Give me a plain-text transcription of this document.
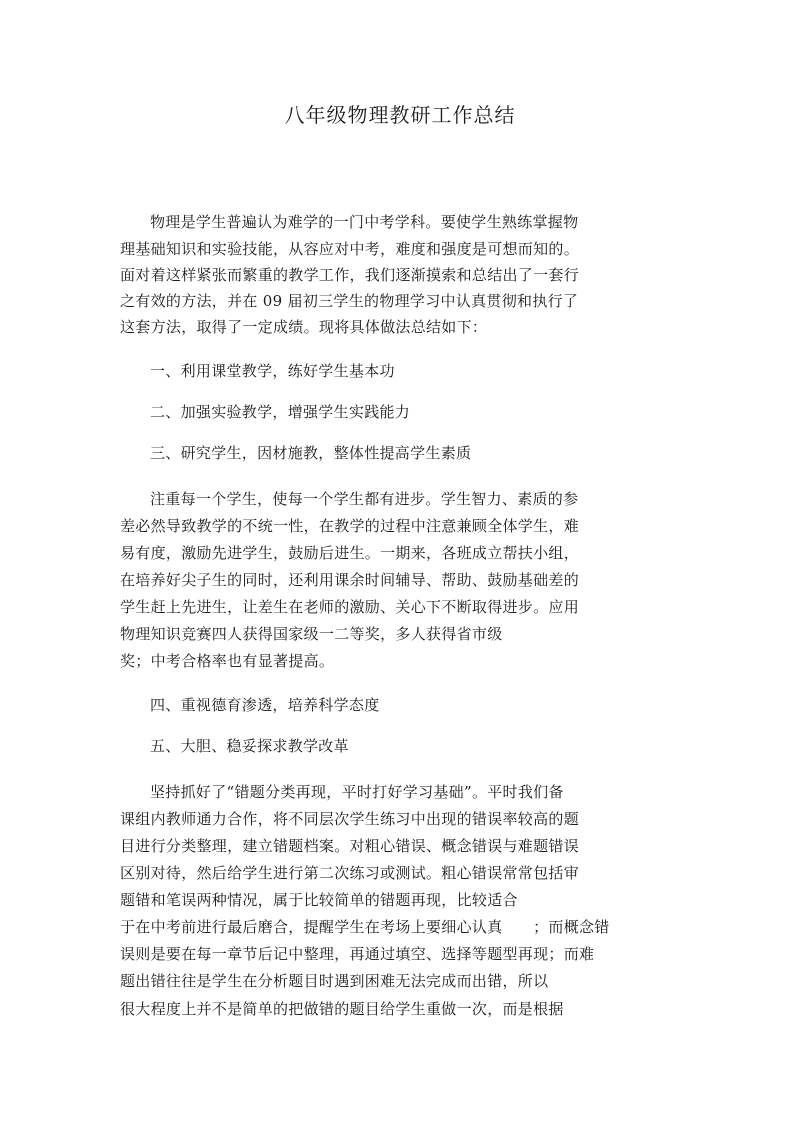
八年级物理教研工作总结
物理是学生普遍认为难学的一门中考学科。要使学生熟练掌握物
理基础知识和实验技能，从容应对中考，难度和强度是可想而知的。
面对着这样紧张而繁重的教学工作，我们逐渐摸索和总结出了一套行
之有效的方法，并在 09 届初三学生的物理学习中认真贯彻和执行了
这套方法，取得了一定成绩。现将具体做法总结如下：
一、利用课堂教学，练好学生基本功
二、加强实验教学，增强学生实践能力
三、研究学生，因材施教，整体性提高学生素质
注重每一个学生，使每一个学生都有进步。学生智力、素质的参
差必然导致教学的不统一性，在教学的过程中注意兼顾全体学生，难
易有度，激励先进学生，鼓励后进生。一期来，各班成立帮扶小组，
在培养好尖子生的同时，还利用课余时间辅导、帮助、鼓励基础差的
学生赶上先进生，让差生在老师的激励、关心下不断取得进步。应用
物理知识竞赛四人获得国家级一二等奖，多人获得省市级
奖；中考合格率也有显著提高。
四、重视德育渗透，培养科学态度
五、大胆、稳妥探求教学改革
坚持抓好了“错题分类再现，平时打好学习基础”。平时我们备
课组内教师通力合作，将不同层次学生练习中出现的错误率较高的题
目进行分类整理，建立错题档案。对粗心错误、概念错误与难题错误
区别对待，然后给学生进行第二次练习或测试。粗心错误常常包括审
题错和笔误两种情况，属于比较简单的错题再现，比较适合
于在中考前进行最后磨合，提醒学生在考场上要细心认真　　；而概念错
误则是要在每一章节后记中整理，再通过填空、选择等题型再现；而难
题出错往往是学生在分析题目时遇到困难无法完成而出错，所以
很大程度上并不是简单的把做错的题目给学生重做一次，而是根据
